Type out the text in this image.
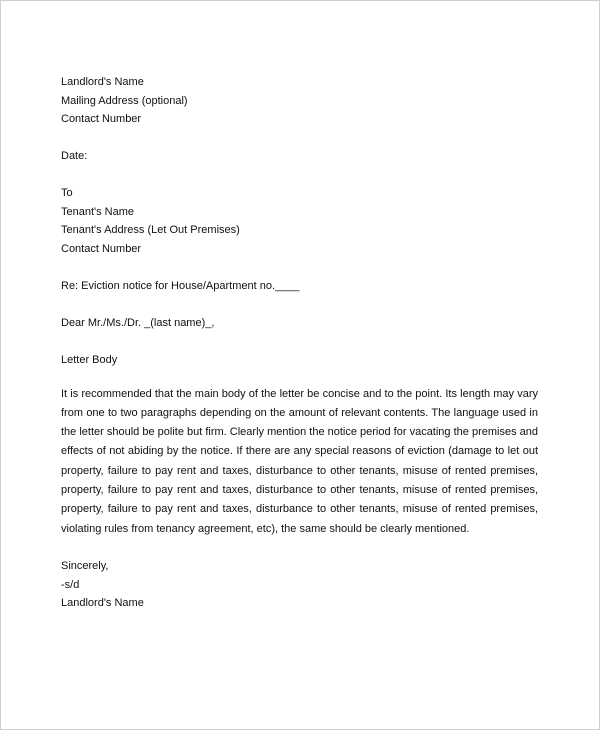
Landlord's Name
Mailing Address (optional)
Contact Number
Date:
To
Tenant's Name
Tenant's Address (Let Out Premises)
Contact Number
Re: Eviction notice for House/Apartment no.____
Dear Mr./Ms./Dr. _(last name)_,
Letter Body
It is recommended that the main body of the letter be concise and to the point. Its length may vary
from one to two paragraphs depending on the amount of relevant contents. The language used in
the letter should be polite but firm. Clearly mention the notice period for vacating the premises and
effects of not abiding by the notice. If there are any special reasons of eviction (damage to let out
property, failure to pay rent and taxes, disturbance to other tenants, misuse of rented premises,
property, failure to pay rent and taxes, disturbance to other tenants, misuse of rented premises,
property, failure to pay rent and taxes, disturbance to other tenants, misuse of rented premises,
violating rules from tenancy agreement, etc), the same should be clearly mentioned.
Sincerely,
-s/d
Landlord's Name
